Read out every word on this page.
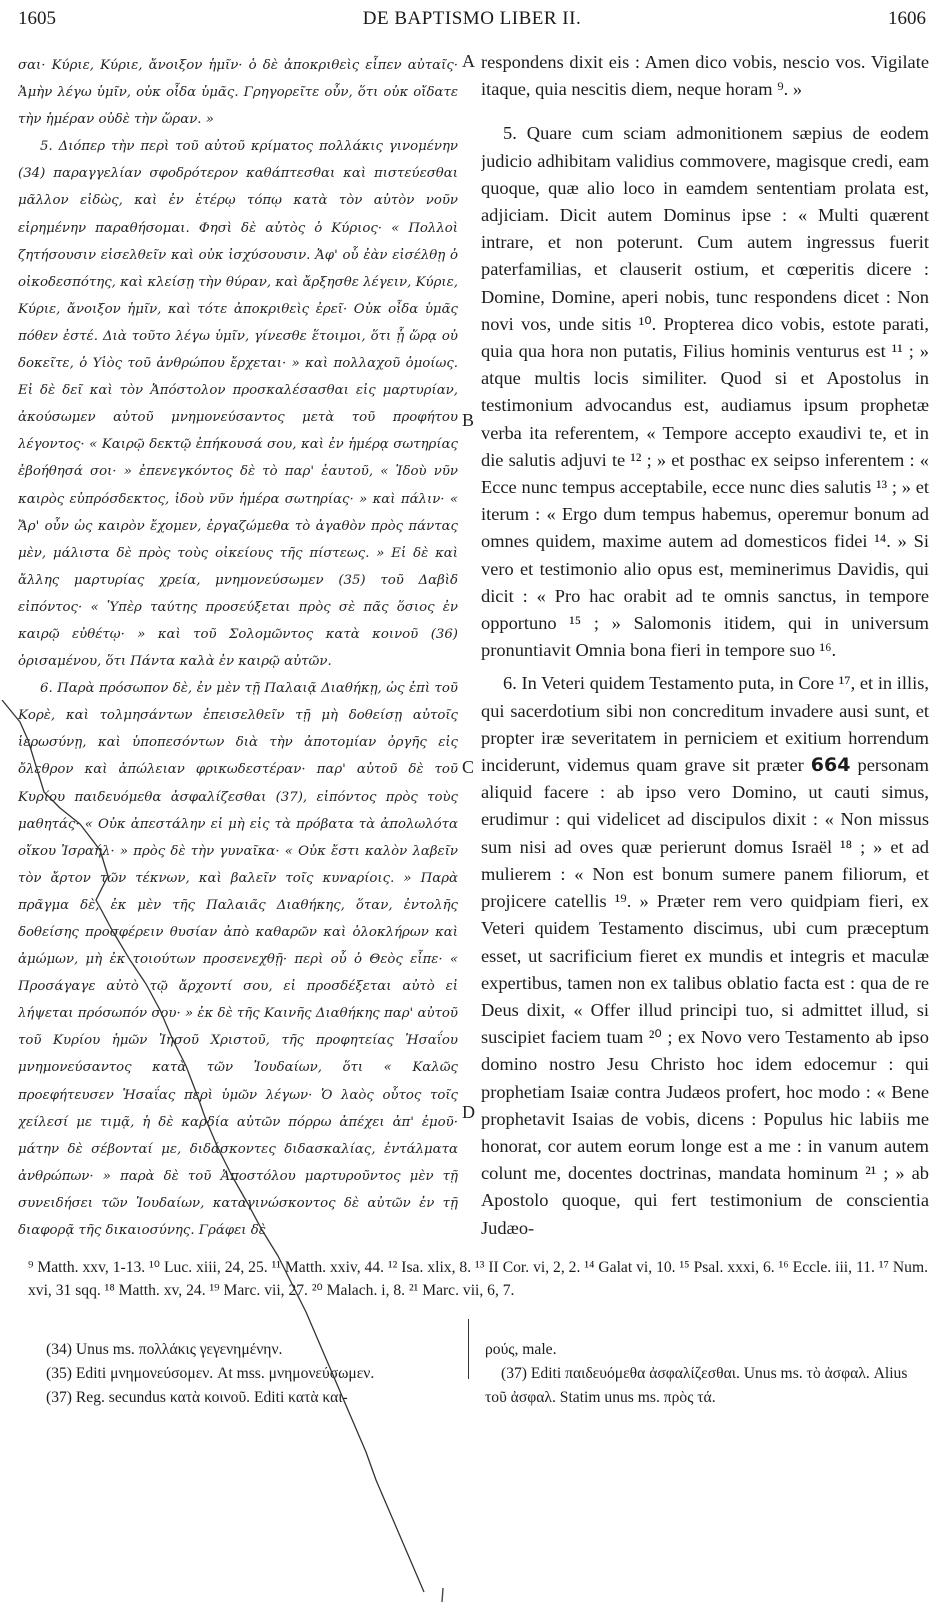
1605	DE BAPTISMO LIBER II.	1606

σαι· Κύριε, Κύριε, ἄνοιξον ἡμῖν· ὁ δὲ ἀποκριθεὶς εἶπεν αὐταῖς· Ἀμὴν λέγω ὑμῖν, οὐκ οἶδα ὑμᾶς. Γρηγορεῖτε οὖν, ὅτι οὐκ οἴδατε τὴν ἡμέραν οὐδὲ τὴν ὥραν. »

5. Διόπερ τὴν περὶ τοῦ αὐτοῦ κρίματος πολλάκις γινομένην (34) παραγγελίαν σφοδρότερον καθάπτεσθαι καὶ πιστεύεσθαι μᾶλλον εἰδὼς, καὶ ἐν ἑτέρῳ τόπῳ κατὰ τὸν αὐτὸν νοῦν εἰρημένην παραθήσομαι. Φησὶ δὲ αὐτὸς ὁ Κύριος· « Πολλοὶ ζητήσουσιν εἰσελθεῖν καὶ οὐκ ἰσχύσουσιν. Ἀφ' οὗ ἐὰν εἰσέλθῃ ὁ οἰκοδεσπότης, καὶ κλείσῃ τὴν θύραν, καὶ ἄρξησθε λέγειν, Κύριε, Κύριε, ἄνοιξον ἡμῖν, καὶ τότε ἀποκριθεὶς ἐρεῖ· Οὐκ οἶδα ὑμᾶς πόθεν ἐστέ. Διὰ τοῦτο λέγω ὑμῖν, γίνεσθε ἕτοιμοι, ὅτι ᾗ ὥρᾳ οὐ δοκεῖτε, ὁ Υἱὸς τοῦ ἀνθρώπου ἔρχεται· » καὶ πολλαχοῦ ὁμοίως. Εἰ δὲ δεῖ καὶ τὸν Ἀπόστολον προσκαλέσασθαι εἰς μαρτυρίαν, ἀκούσωμεν αὐτοῦ μνημονεύσαντος μετὰ τοῦ προφήτου λέγοντος· « Καιρῷ δεκτῷ ἐπήκουσά σου, καὶ ἐν ἡμέρᾳ σωτηρίας ἐβοήθησά σοι· » ἐπενεγκόντος δὲ τὸ παρ' ἑαυτοῦ, « Ἰδοὺ νῦν καιρὸς εὐπρόσδεκτος, ἰδοὺ νῦν ἡμέρα σωτηρίας· » καὶ πάλιν· « Ἄρ' οὖν ὡς καιρὸν ἔχομεν, ἐργαζώμεθα τὸ ἀγαθὸν πρὸς πάντας μὲν, μάλιστα δὲ πρὸς τοὺς οἰκείους τῆς πίστεως. » Εἰ δὲ καὶ ἄλλης μαρτυρίας χρεία, μνημονεύσωμεν (35) τοῦ Δαβὶδ εἰπόντος· « Ὑπὲρ ταύτης προσεύξεται πρὸς σὲ πᾶς ὅσιος ἐν καιρῷ εὐθέτῳ· » καὶ τοῦ Σολομῶντος κατὰ κοινοῦ (36) ὁρισαμένου, ὅτι Πάντα καλὰ ἐν καιρῷ αὐτῶν.

6. Παρὰ πρόσωπον δὲ, ἐν μὲν τῇ Παλαιᾷ Διαθήκῃ, ὡς ἐπὶ τοῦ Κορὲ, καὶ τολμησάντων ἐπεισελθεῖν τῇ μὴ δοθείσῃ αὐτοῖς ἱερωσύνῃ, καὶ ὑποπεσόντων διὰ τὴν ἀποτομίαν ὀργῆς εἰς ὄλεθρον καὶ ἀπώλειαν φρικωδεστέραν· παρ' αὐτοῦ δὲ τοῦ Κυρίου παιδευόμεθα ἀσφαλίζεσθαι (37), εἰπόντος πρὸς τοὺς μαθητάς· « Οὐκ ἀπεστάλην εἰ μὴ εἰς τὰ πρόβατα τὰ ἀπολωλότα οἴκου Ἰσραήλ· » πρὸς δὲ τὴν γυναῖκα· « Οὐκ ἔστι καλὸν λαβεῖν τὸν ἄρτον τῶν τέκνων, καὶ βαλεῖν τοῖς κυναρίοις. » Παρὰ πρᾶγμα δὲ, ἐκ μὲν τῆς Παλαιᾶς Διαθήκης, ὅταν, ἐντολῆς δοθείσης προσφέρειν θυσίαν ἀπὸ καθαρῶν καὶ ὁλοκλήρων καὶ ἀμώμων, μὴ ἐκ τοιούτων προσενεχθῇ· περὶ οὗ ὁ Θεὸς εἶπε· « Προσάγαγε αὐτὸ τῷ ἄρχοντί σου, εἰ προσδέξεται αὐτὸ εἰ λήψεται πρόσωπόν σου· » ἐκ δὲ τῆς Καινῆς Διαθήκης παρ' αὐτοῦ τοῦ Κυρίου ἡμῶν Ἰησοῦ Χριστοῦ, τῆς προφητείας Ἡσαΐου μνημονεύσαντος κατὰ τῶν Ἰουδαίων, ὅτι « Καλῶς προεφήτευσεν Ἡσαΐας περὶ ὑμῶν λέγων· Ὁ λαὸς οὗτος τοῖς χείλεσί με τιμᾷ, ἡ δὲ καρδία αὐτῶν πόρρω ἀπέχει ἀπ' ἐμοῦ· μάτην δὲ σέβονταί με, διδάσκοντες διδασκαλίας, ἐντάλματα ἀνθρώπων· » παρὰ δὲ τοῦ Ἀποστόλου μαρτυροῦντος μὲν τῇ συνειδήσει τῶν Ἰουδαίων, καταγινώσκοντος δὲ αὐτῶν ἐν τῇ διαφορᾷ τῆς δικαιοσύνης. Γράφει δὲ

A
B
C
D

respondens dixit eis : Amen dico vobis, nescio vos. Vigilate itaque, quia nescitis diem, neque horam ⁹. »

5. Quare cum sciam admonitionem sæpius de eodem judicio adhibitam validius commovere, magisque credi, eam quoque, quæ alio loco in eamdem sententiam prolata est, adjiciam. Dicit autem Dominus ipse : « Multi quærent intrare, et non poterunt. Cum autem ingressus fuerit paterfamilias, et clauserit ostium, et cœperitis dicere : Domine, Domine, aperi nobis, tunc respondens dicet : Non novi vos, unde sitis ¹⁰. Propterea dico vobis, estote parati, quia qua hora non putatis, Filius hominis venturus est ¹¹ ; » atque multis locis similiter. Quod si et Apostolus in testimonium advocandus est, audiamus ipsum prophetæ verba ita referentem, « Tempore accepto exaudivi te, et in die salutis adjuvi te ¹² ; » et posthac ex seipso inferentem : « Ecce nunc tempus acceptabile, ecce nunc dies salutis ¹³ ; » et iterum : « Ergo dum tempus habemus, operemur bonum ad omnes quidem, maxime autem ad domesticos fidei ¹⁴. » Si vero et testimonio alio opus est, meminerimus Davidis, qui dicit : « Pro hac orabit ad te omnis sanctus, in tempore opportuno ¹⁵ ; » Salomonis itidem, qui in universum pronuntiavit Omnia bona fieri in tempore suo ¹⁶.

6. In Veteri quidem Testamento puta, in Core ¹⁷, et in illis, qui sacerdotium sibi non concreditum invadere ausi sunt, et propter iræ severitatem in perniciem et exitium horrendum inciderunt, videmus quam grave sit præter 664 personam aliquid facere : ab ipso vero Domino, ut cauti simus, erudimur : qui videlicet ad discipulos dixit : « Non missus sum nisi ad oves quæ perierunt domus Israël ¹⁸ ; » et ad mulierem : « Non est bonum sumere panem filiorum, et projicere catellis ¹⁹. » Præter rem vero quidpiam fieri, ex Veteri quidem Testamento discimus, ubi cum præceptum esset, ut sacrificium fieret ex mundis et integris et maculæ expertibus, tamen non ex talibus oblatio facta est : qua de re Deus dixit, « Offer illud principi tuo, si admittet illud, si suscipiet faciem tuam ²⁰ ; ex Novo vero Testamento ab ipso domino nostro Jesu Christo hoc idem edocemur : qui prophetiam Isaiæ contra Judæos profert, hoc modo : « Bene prophetavit Isaias de vobis, dicens : Populus hic labiis me honorat, cor autem eorum longe est a me : in vanum autem colunt me, docentes doctrinas, mandata hominum ²¹ ; » ab Apostolo quoque, qui fert testimonium de conscientia Judæo-

⁹ Matth. xxv, 1-13. ¹⁰ Luc. xiii, 24, 25. ¹¹ Matth. xxiv, 44. ¹² Isa. xlix, 8. ¹³ II Cor. vi, 2, 2. ¹⁴ Galat vi, 10. ¹⁵ Psal. xxxi, 6. ¹⁶ Eccle. iii, 11. ¹⁷ Num. xvi, 31 sqq. ¹⁸ Matth. xv, 24. ¹⁹ Marc. vii, 27. ²⁰ Malach. i, 8. ²¹ Marc. vii, 6, 7.
(34) Unus ms. πολλάκις γεγενημένην.
(35) Editi μνημονεύσομεν. At mss. μνημονεύσωμεν.
(37) Reg. secundus κατὰ κοινοῦ. Editi κατὰ και-
ρούς, male.
(37) Editi παιδευόμεθα ἀσφαλίζεσθαι. Unus ms. τὸ ἀσφαλ. Alius τοῦ ἀσφαλ. Statim unus ms. πρὸς τά.
